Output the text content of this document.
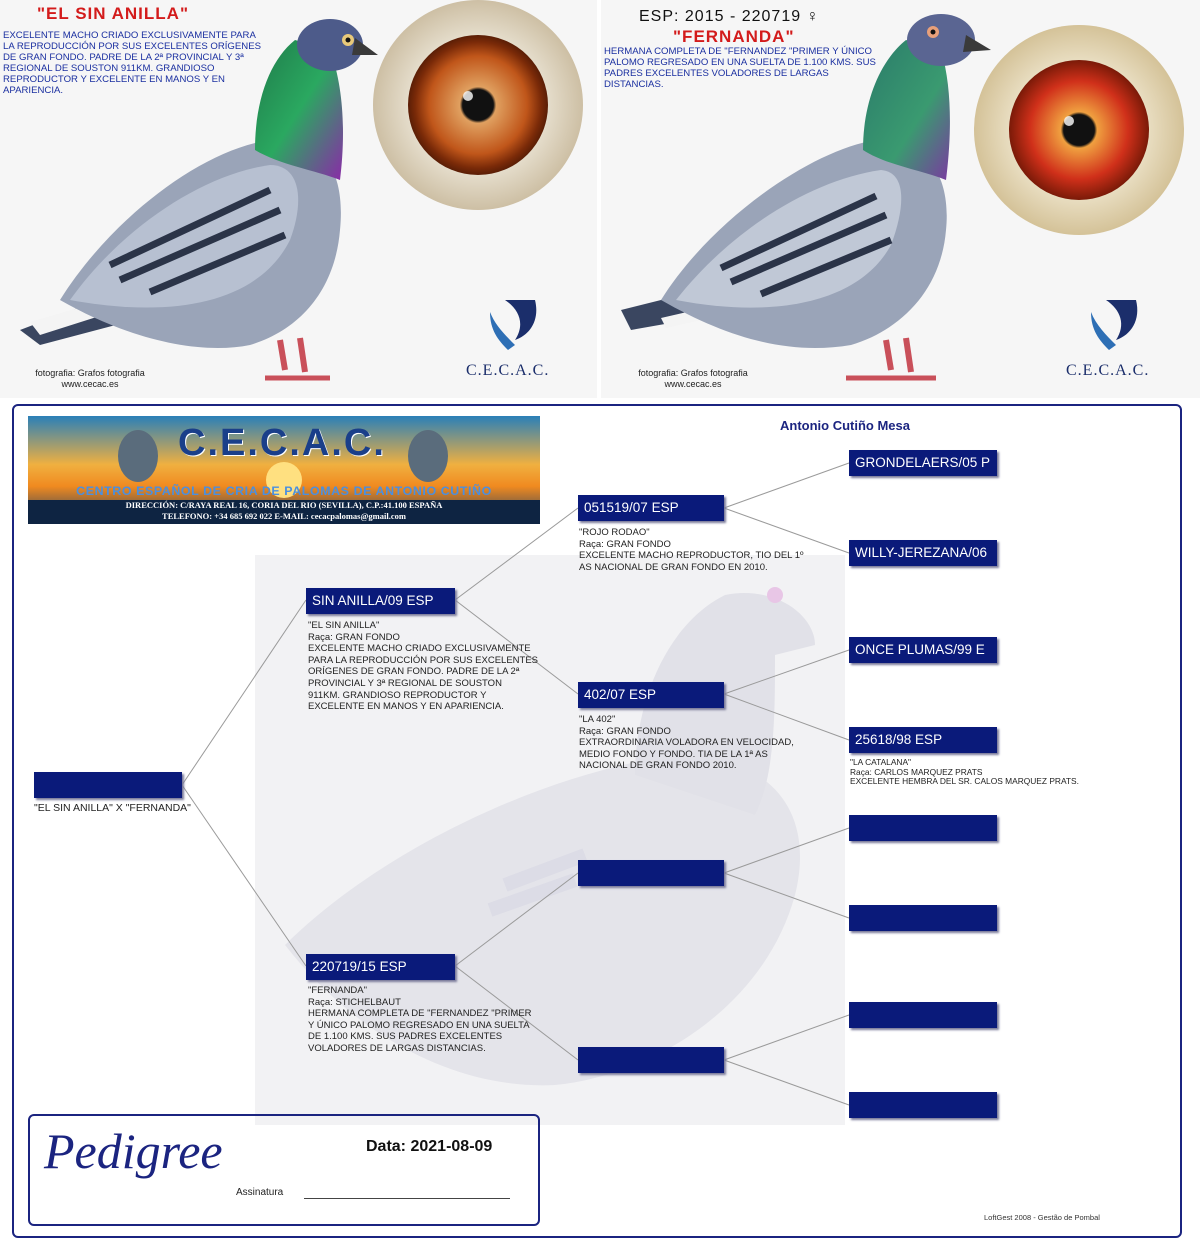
"EL SIN ANILLA"
EXCELENTE MACHO CRIADO EXCLUSIVAMENTE PARA LA REPRODUCCIÓN POR SUS EXCELENTES ORÍGENES DE GRAN FONDO. PADRE DE LA 2ª PROVINCIAL Y 3ª REGIONAL DE SOUSTON 911KM. GRANDIOSO REPRODUCTOR Y EXCELENTE EN MANOS Y EN APARIENCIA.
fotografia: Grafos fotografia
www.cecac.es
C.E.C.A.C.
ESP: 2015 - 220719 ♀
"FERNANDA"
HERMANA COMPLETA DE "FERNANDEZ "PRIMER Y ÚNICO PALOMO REGRESADO EN UNA SUELTA DE 1.100 KMS. SUS PADRES EXCELENTES VOLADORES DE LARGAS DISTANCIAS.
fotografia: Grafos fotografia
www.cecac.es
C.E.C.A.C.
C.E.C.A.C.
CENTRO ESPAÑOL DE CRIA DE PALOMAS DE ANTONIO CUTIÑO
DIRECCIÓN: C/RAYA REAL 16, CORIA DEL RIO (SEVILLA), C.P.:41.100 ESPAÑA
TELEFONO: +34 685 692 022 E-MAIL: cecacpalomas@gmail.com
Antonio Cutiño Mesa
"EL SIN ANILLA" X "FERNANDA"
SIN ANILLA/09 ESP
"EL SIN ANILLA"
Raça: GRAN FONDO
EXCELENTE MACHO CRIADO EXCLUSIVAMENTE
PARA LA REPRODUCCIÓN POR SUS EXCELENTES
ORÍGENES DE GRAN FONDO. PADRE DE LA 2ª
PROVINCIAL Y 3ª REGIONAL DE SOUSTON
911KM. GRANDIOSO REPRODUCTOR Y
EXCELENTE EN MANOS Y EN APARIENCIA.
220719/15 ESP
"FERNANDA"
Raça: STICHELBAUT
HERMANA COMPLETA DE "FERNANDEZ "PRIMER
Y ÚNICO PALOMO REGRESADO EN UNA SUELTA
DE 1.100 KMS. SUS PADRES EXCELENTES
VOLADORES DE LARGAS DISTANCIAS.
051519/07 ESP
"ROJO RODAO"
Raça: GRAN FONDO
EXCELENTE MACHO REPRODUCTOR, TIO DEL 1º
AS NACIONAL DE GRAN FONDO EN 2010.
402/07 ESP
"LA 402"
Raça: GRAN FONDO
EXTRAORDINARIA VOLADORA EN VELOCIDAD,
MEDIO FONDO Y FONDO. TIA DE LA 1ª AS
NACIONAL DE GRAN FONDO 2010.
GRONDELAERS/05 P
WILLY-JEREZANA/06
ONCE PLUMAS/99 E
25618/98 ESP
"LA CATALANA"
Raça: CARLOS MARQUEZ PRATS
EXCELENTE HEMBRA DEL SR. CALOS MARQUEZ PRATS.
Pedigree	Data: 2021-08-09
Assinatura
LoftGest 2008 - Gestão de Pombal
